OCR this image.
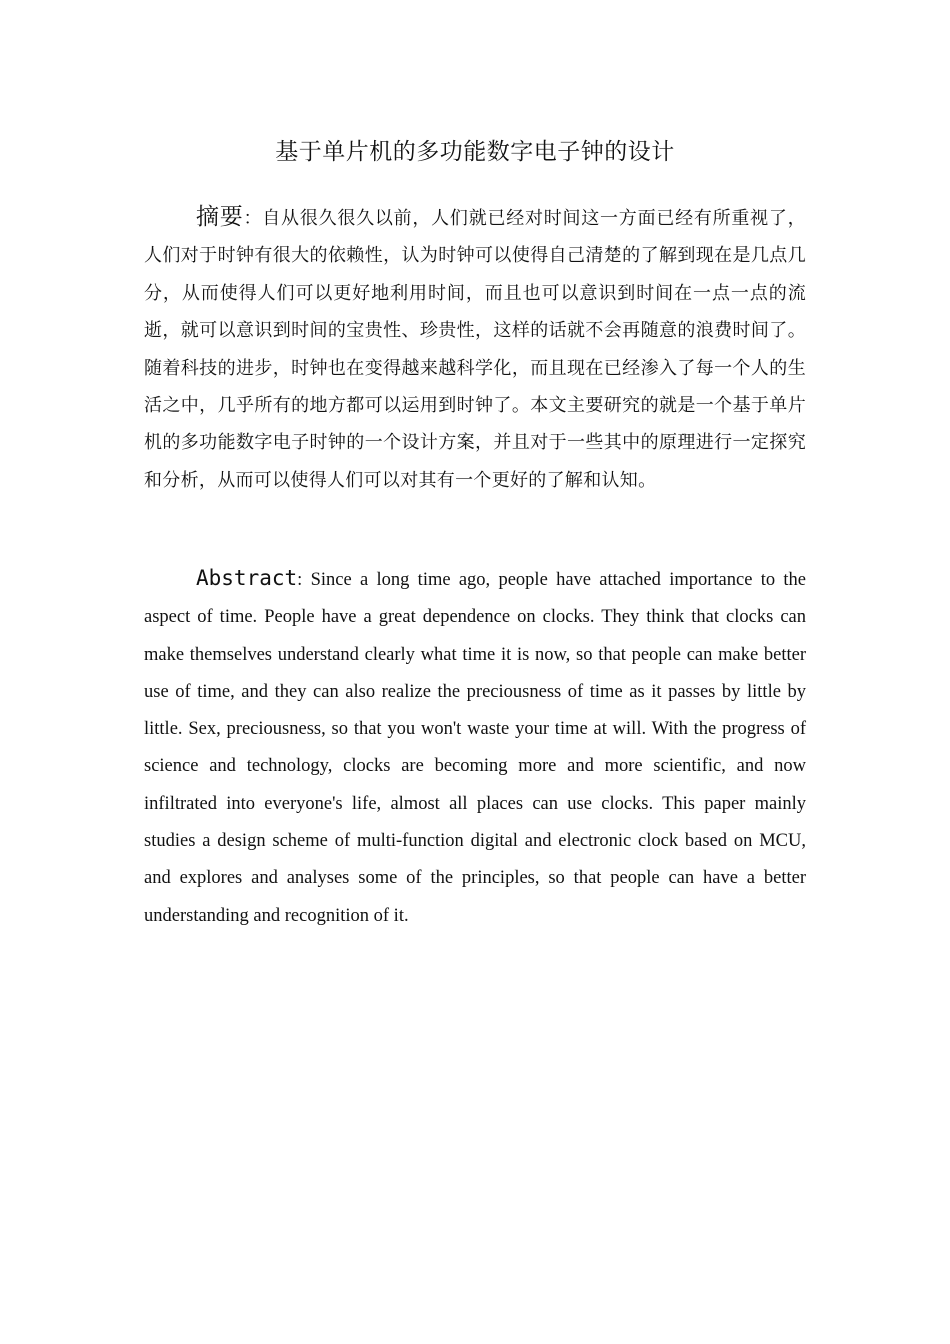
基于单片机的多功能数字电子钟的设计

摘要：自从很久很久以前，人们就已经对时间这一方面已经有所重视了，人们对于时钟有很大的依赖性，认为时钟可以使得自己清楚的了解到现在是几点几分，从而使得人们可以更好地利用时间，而且也可以意识到时间在一点一点的流逝，就可以意识到时间的宝贵性、珍贵性，这样的话就不会再随意的浪费时间了。随着科技的进步，时钟也在变得越来越科学化，而且现在已经渗入了每一个人的生活之中，几乎所有的地方都可以运用到时钟了。本文主要研究的就是一个基于单片机的多功能数字电子时钟的一个设计方案，并且对于一些其中的原理进行一定探究和分析，从而可以使得人们可以对其有一个更好的了解和认知。

Abstract: Since a long time ago, people have attached importance to the aspect of time. People have a great dependence on clocks. They think that clocks can make themselves understand clearly what time it is now, so that people can make better use of time, and they can also realize the preciousness of time as it passes by little by little. Sex, preciousness, so that you won't waste your time at will. With the progress of science and technology, clocks are becoming more and more scientific, and now infiltrated into everyone's life, almost all places can use clocks. This paper mainly studies a design scheme of multi-function digital and electronic clock based on MCU, and explores and analyses some of the principles, so that people can have a better understanding and recognition of it.
